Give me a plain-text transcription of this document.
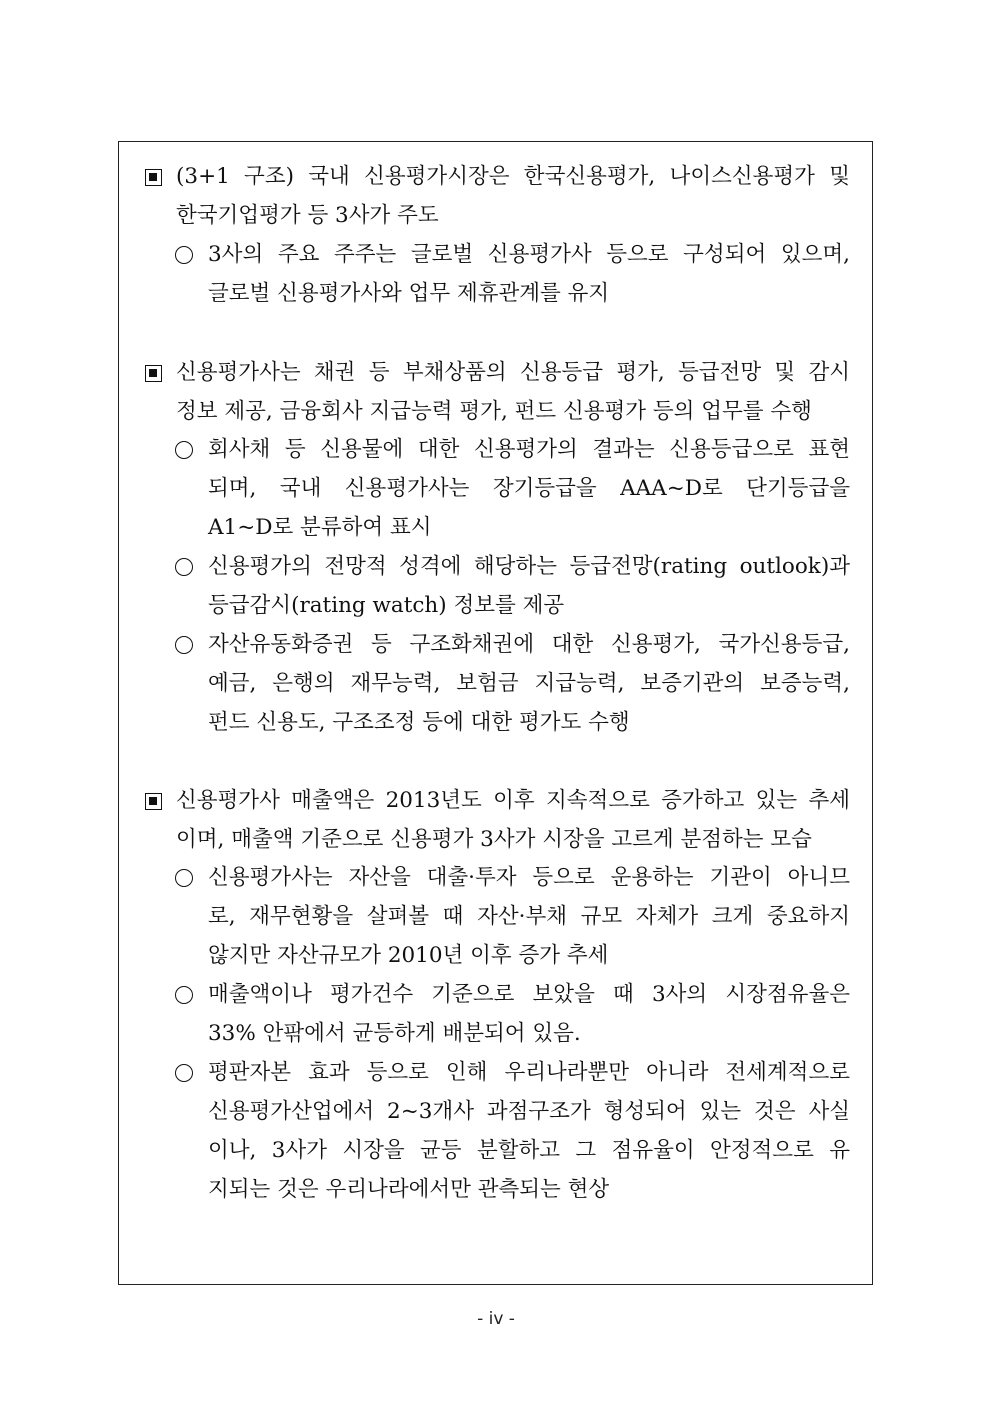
(3+1 구조) 국내 신용평가시장은 한국신용평가, 나이스신용평가 및
한국기업평가 등 3사가 주도
3사의 주요 주주는 글로벌 신용평가사 등으로 구성되어 있으며,
글로벌 신용평가사와 업무 제휴관계를 유지
신용평가사는 채권 등 부채상품의 신용등급 평가, 등급전망 및 감시
정보 제공, 금융회사 지급능력 평가, 펀드 신용평가 등의 업무를 수행
회사채 등 신용물에 대한 신용평가의 결과는 신용등급으로 표현
되며, 국내 신용평가사는 장기등급을 AAA~D로 단기등급을
A1~D로 분류하여 표시
신용평가의 전망적 성격에 해당하는 등급전망(rating outlook)과
등급감시(rating watch) 정보를 제공
자산유동화증권 등 구조화채권에 대한 신용평가, 국가신용등급,
예금, 은행의 재무능력, 보험금 지급능력, 보증기관의 보증능력,
펀드 신용도, 구조조정 등에 대한 평가도 수행
신용평가사 매출액은 2013년도 이후 지속적으로 증가하고 있는 추세
이며, 매출액 기준으로 신용평가 3사가 시장을 고르게 분점하는 모습
신용평가사는 자산을 대출·투자 등으로 운용하는 기관이 아니므
로, 재무현황을 살펴볼 때 자산·부채 규모 자체가 크게 중요하지
않지만 자산규모가 2010년 이후 증가 추세
매출액이나 평가건수 기준으로 보았을 때 3사의 시장점유율은
33% 안팎에서 균등하게 배분되어 있음.
평판자본 효과 등으로 인해 우리나라뿐만 아니라 전세계적으로
신용평가산업에서 2~3개사 과점구조가 형성되어 있는 것은 사실
이나, 3사가 시장을 균등 분할하고 그 점유율이 안정적으로 유
지되는 것은 우리나라에서만 관측되는 현상
- iv -
